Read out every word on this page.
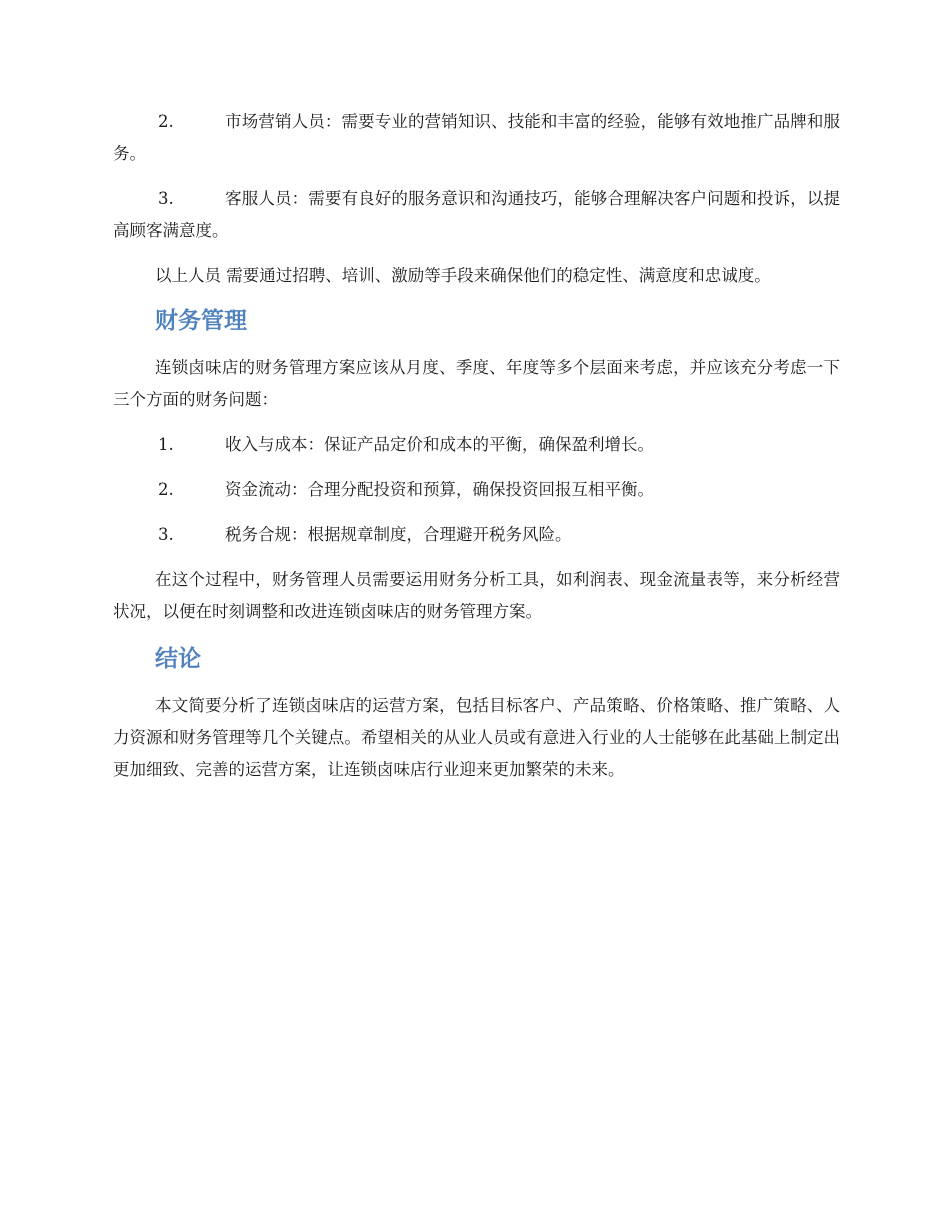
2.	市场营销人员：需要专业的营销知识、技能和丰富的经验，能够有效地推广品牌和服务。

3.	客服人员：需要有良好的服务意识和沟通技巧，能够合理解决客户问题和投诉，以提高顾客满意度。

以上人员 需要通过招聘、培训、激励等手段来确保他们的稳定性、满意度和忠诚度。

财务管理

连锁卤味店的财务管理方案应该从月度、季度、年度等多个层面来考虑，并应该充分考虑一下三个方面的财务问题：

1.	收入与成本：保证产品定价和成本的平衡，确保盈利增长。

2.	资金流动：合理分配投资和预算，确保投资回报互相平衡。

3.	税务合规：根据规章制度，合理避开税务风险。

在这个过程中，财务管理人员需要运用财务分析工具，如利润表、现金流量表等，来分析经营状况，以便在时刻调整和改进连锁卤味店的财务管理方案。

结论

本文简要分析了连锁卤味店的运营方案，包括目标客户、产品策略、价格策略、推广策略、人力资源和财务管理等几个关键点。希望相关的从业人员或有意进入行业的人士能够在此基础上制定出更加细致、完善的运营方案，让连锁卤味店行业迎来更加繁荣的未来。
